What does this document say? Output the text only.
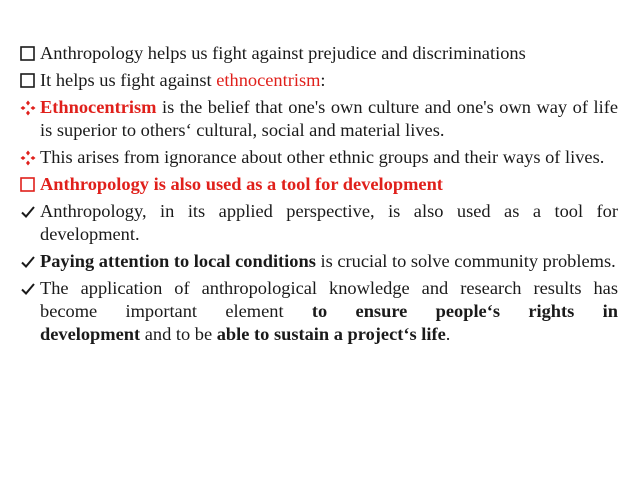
Anthropology helps us fight against prejudice and discriminations
It helps us fight against ethnocentrism:
Ethnocentrism is the belief that one's own culture and one's own way of life is superior to others‘ cultural, social and material lives.
This arises from ignorance about other ethnic groups and their ways of lives.
Anthropology is also used as a tool for development
Anthropology, in its applied perspective, is also used as a tool for development.
Paying attention to local conditions is crucial to solve community problems.
The application of anthropological knowledge and research results has become important element to ensure people‘s rights in
development and to be able to sustain a project‘s life.
